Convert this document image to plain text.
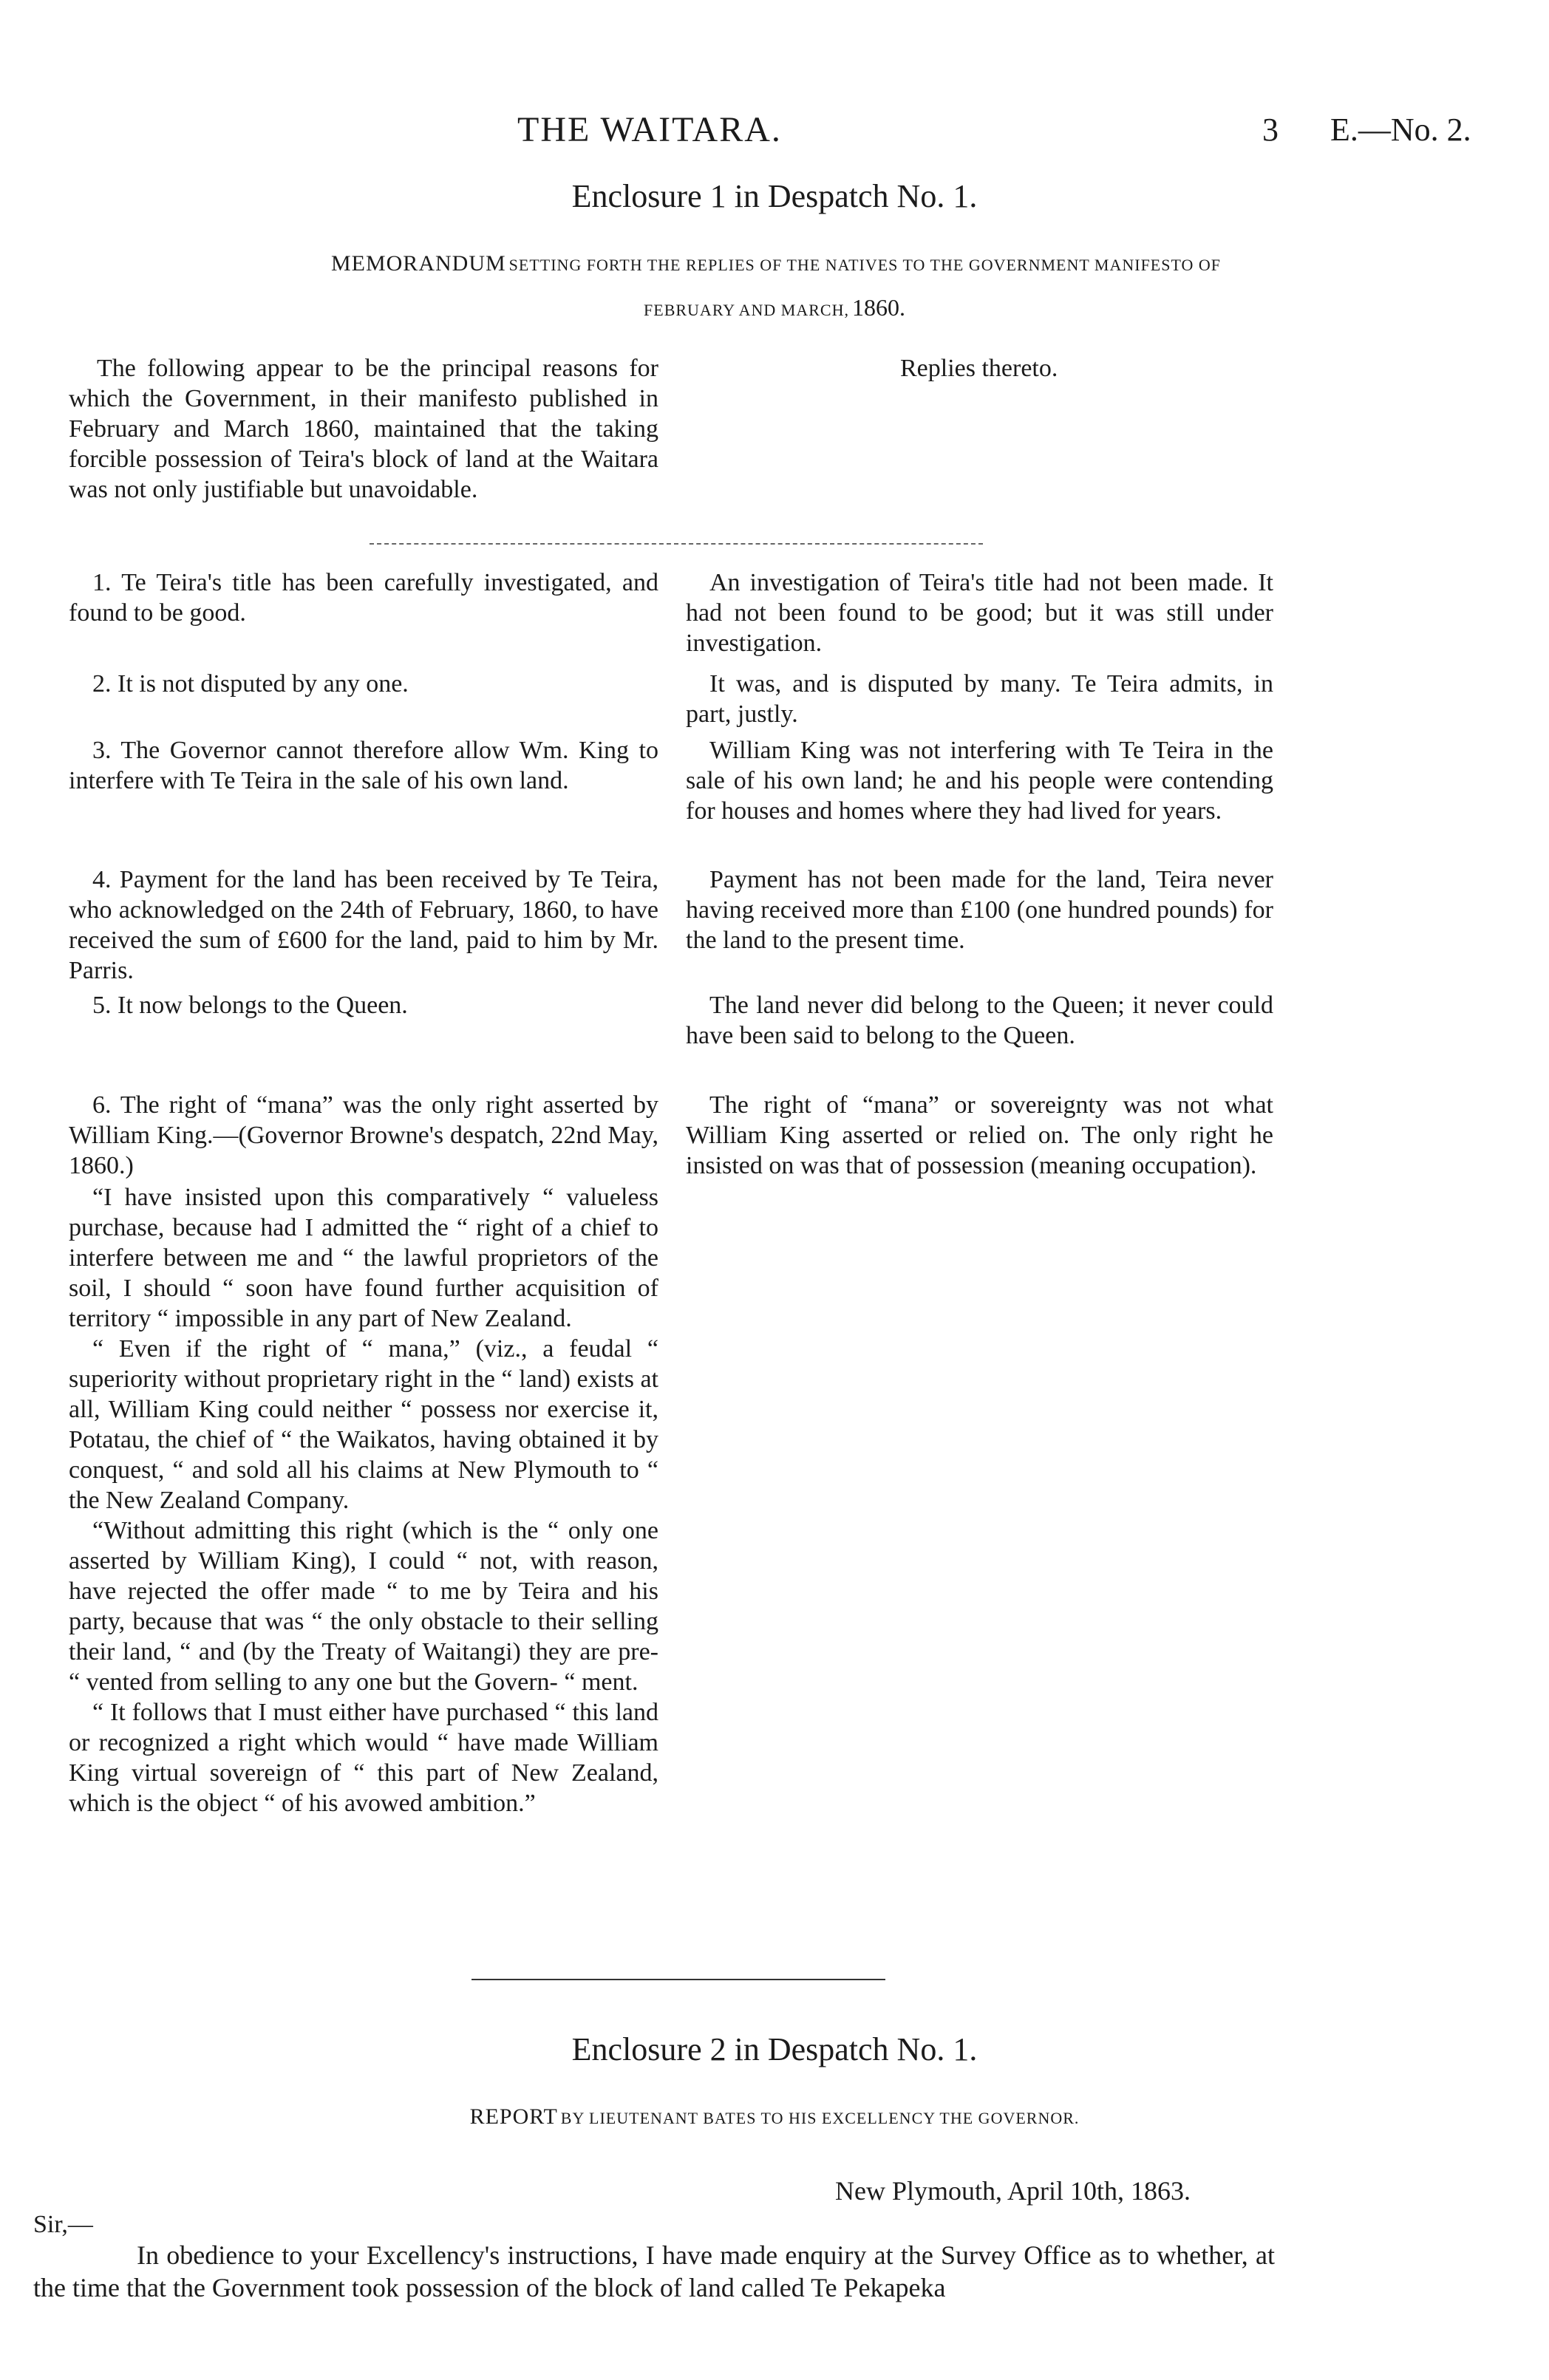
THE WAITARA.	3 E.—No. 2.
Enclosure 1 in Despatch No. 1.
MEMORANDUM SETTING FORTH THE REPLIES OF THE NATIVES TO THE GOVERNMENT MANIFESTO OF
FEBRUARY AND MARCH, 1860.
The following appear to be the principal reasons for which the Government, in their manifesto published in February and March 1860, maintained that the taking forcible possession of Teira's block of land at the Waitara was not only justifiable but unavoidable.
Replies thereto.

1. Te Teira's title has been carefully investigated, and found to be good.

2. It is not disputed by any one.

3. The Governor cannot therefore allow Wm. King to interfere with Te Teira in the sale of his own land.

4. Payment for the land has been received by Te Teira, who acknowledged on the 24th of February, 1860, to have received the sum of £600 for the land, paid to him by Mr. Parris.

5. It now belongs to the Queen.

6. The right of “mana” was the only right asserted by William King.—(Governor Browne's despatch, 22nd May, 1860.)

“I have insisted upon this comparatively “ valueless purchase, because had I admitted the “ right of a chief to interfere between me and “ the lawful proprietors of the soil, I should “ soon have found further acquisition of territory “ impossible in any part of New Zealand.

“ Even if the right of “ mana,” (viz., a feudal “ superiority without proprietary right in the “ land) exists at all, William King could neither “ possess nor exercise it, Potatau, the chief of “ the Waikatos, having obtained it by conquest, “ and sold all his claims at New Plymouth to “ the New Zealand Company.

“Without admitting this right (which is the “ only one asserted by William King), I could “ not, with reason, have rejected the offer made “ to me by Teira and his party, because that was “ the only obstacle to their selling their land, “ and (by the Treaty of Waitangi) they are pre- “ vented from selling to any one but the Govern- “ ment.

“ It follows that I must either have purchased “ this land or recognized a right which would “ have made William King virtual sovereign of “ this part of New Zealand, which is the object “ of his avowed ambition.”

An investigation of Teira's title had not been made. It had not been found to be good; but it was still under investigation.

It was, and is disputed by many. Te Teira admits, in part, justly.

William King was not interfering with Te Teira in the sale of his own land; he and his people were contending for houses and homes where they had lived for years.

Payment has not been made for the land, Teira never having received more than £100 (one hundred pounds) for the land to the present time.

The land never did belong to the Queen; it never could have been said to belong to the Queen.

The right of “mana” or sovereignty was not what William King asserted or relied on. The only right he insisted on was that of possession (meaning occupation).

Enclosure 2 in Despatch No. 1.
REPORT BY LIEUTENANT BATES TO HIS EXCELLENCY THE GOVERNOR.
New Plymouth, April 10th, 1863.
Sir,—
In obedience to your Excellency's instructions, I have made enquiry at the Survey Office as to whether, at the time that the Government took possession of the block of land called Te Pekapeka
